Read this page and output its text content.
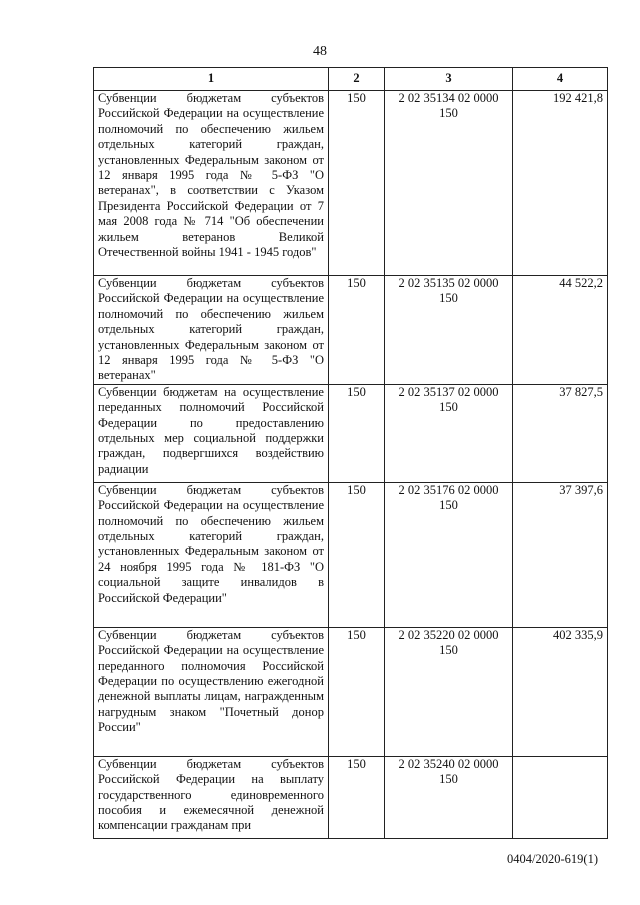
48
1	2	3	4
Субвенции бюджетам субъектов Российской Федерации на осуществление полномочий по обеспечению жильем отдельных категорий граждан, установленных Федеральным законом от 12 января 1995 года № 5-ФЗ "О ветеранах", в соответствии с Указом Президента Российской Федерации от 7 мая 2008 года № 714 "Об обеспечении жильем ветеранов Великой Отечественной войны 1941 - 1945 годов"	150	2 02 35134 02 0000 150	192 421,8
Субвенции бюджетам субъектов Российской Федерации на осуществление полномочий по обеспечению жильем отдельных категорий граждан, установленных Федеральным законом от 12 января 1995 года № 5-ФЗ "О ветеранах"	150	2 02 35135 02 0000 150	44 522,2
Субвенции бюджетам на осуществление переданных полномочий Российской Федерации по предоставлению отдельных мер социальной поддержки граждан, подвергшихся воздействию радиации	150	2 02 35137 02 0000 150	37 827,5
Субвенции бюджетам субъектов Российской Федерации на осуществление полномочий по обеспечению жильем отдельных категорий граждан, установленных Федеральным законом от 24 ноября 1995 года № 181-ФЗ "О социальной защите инвалидов в Российской Федерации"	150	2 02 35176 02 0000 150	37 397,6
Субвенции бюджетам субъектов Российской Федерации на осуществление переданного полномочия Российской Федерации по осуществлению ежегодной денежной выплаты лицам, награжденным нагрудным знаком "Почетный донор России"	150	2 02 35220 02 0000 150	402 335,9
Субвенции бюджетам субъектов Российской Федерации на выплату государственного единовременного пособия и ежемесячной денежной компенсации гражданам при	150	2 02 35240 02 0000 150	
0404/2020-619(1)
